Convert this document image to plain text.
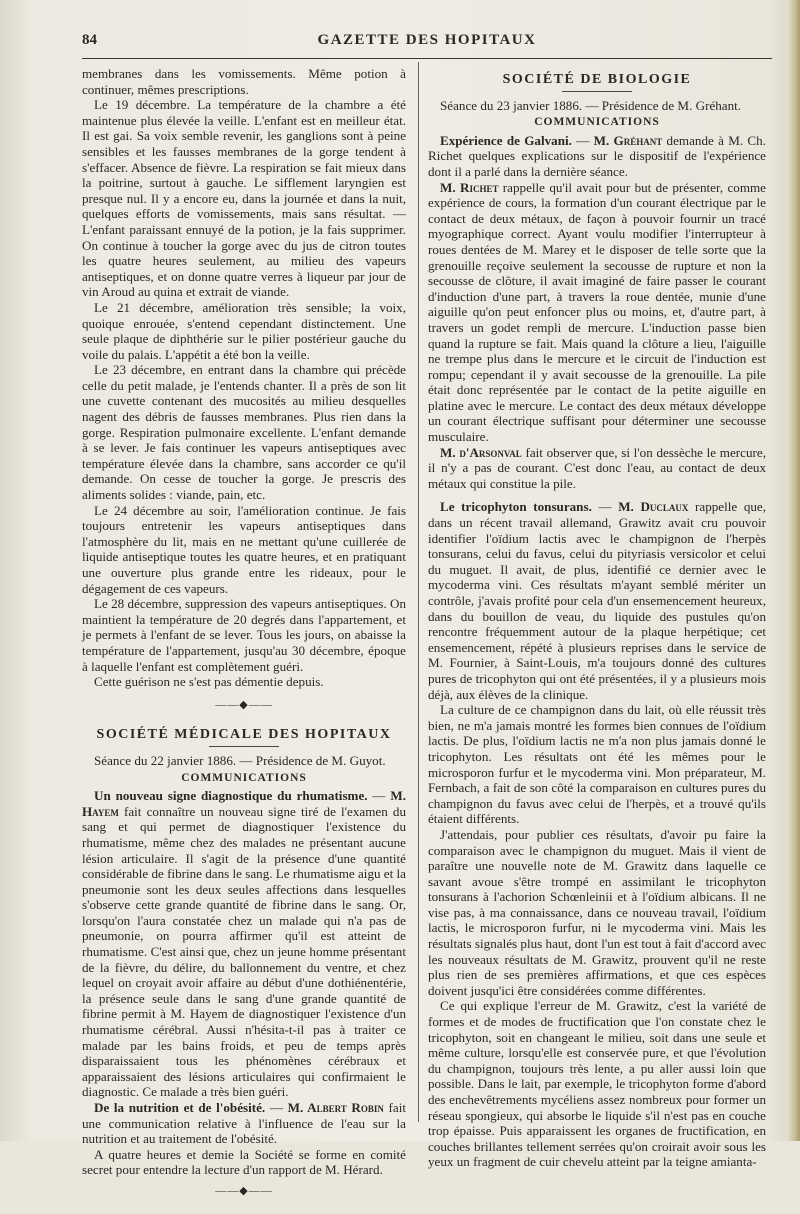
84	GAZETTE DES HOPITAUX

membranes dans les vomissements. Même potion à continuer, mêmes prescriptions.

Le 19 décembre. La température de la chambre a été maintenue plus élevée la veille. L'enfant est en meilleur état. Il est gai. Sa voix semble revenir, les ganglions sont à peine sensibles et les fausses membranes de la gorge tendent à s'effacer. Absence de fièvre. La respiration se fait mieux dans la poitrine, surtout à gauche. Le sifflement laryngien est presque nul. Il y a encore eu, dans la journée et dans la nuit, quelques efforts de vomissements, mais sans résultat. — L'enfant paraissant ennuyé de la potion, je la fais supprimer. On continue à toucher la gorge avec du jus de citron toutes les quatre heures seulement, au milieu des vapeurs antiseptiques, et on donne quatre verres à liqueur par jour de vin Aroud au quina et extrait de viande.

Le 21 décembre, amélioration très sensible; la voix, quoique enrouée, s'entend cependant distinctement. Une seule plaque de diphthérie sur le pilier postérieur gauche du voile du palais. L'appétit a été bon la veille.

Le 23 décembre, en entrant dans la chambre qui précède celle du petit malade, je l'entends chanter. Il a près de son lit une cuvette contenant des mucosités au milieu desquelles nagent des débris de fausses membranes. Plus rien dans la gorge. Respiration pulmonaire excellente. L'enfant demande à se lever. Je fais continuer les vapeurs antiseptiques avec température élevée dans la chambre, sans accorder ce qu'il demande. On cesse de toucher la gorge. Je prescris des aliments solides : viande, pain, etc.

Le 24 décembre au soir, l'amélioration continue. Je fais toujours entretenir les vapeurs antiseptiques dans l'atmosphère du lit, mais en ne mettant qu'une cuillerée de liquide antiseptique toutes les quatre heures, et en pratiquant une ouverture plus grande entre les rideaux, pour le dégagement de ces vapeurs.

Le 28 décembre, suppression des vapeurs antiseptiques. On maintient la température de 20 degrés dans l'appartement, et je permets à l'enfant de se lever. Tous les jours, on abaisse la température de l'appartement, jusqu'au 30 décembre, époque à laquelle l'enfant est complètement guéri.

Cette guérison ne s'est pas démentie depuis.

——◆——
SOCIÉTÉ MÉDICALE DES HOPITAUX

Séance du 22 janvier 1886. — Présidence de M. Guyot.

COMMUNICATIONS

Un nouveau signe diagnostique du rhumatisme. — M. Hayem fait connaître un nouveau signe tiré de l'examen du sang et qui permet de diagnostiquer l'existence du rhumatisme, même chez des malades ne présentant aucune lésion articulaire. Il s'agit de la présence d'une quantité considérable de fibrine dans le sang. Le rhumatisme aigu et la pneumonie sont les deux seules affections dans lesquelles s'observe cette grande quantité de fibrine dans le sang. Or, lorsqu'on l'aura constatée chez un malade qui n'a pas de pneumonie, on pourra affirmer qu'il est atteint de rhumatisme. C'est ainsi que, chez un jeune homme présentant de la fièvre, du délire, du ballonnement du ventre, et chez lequel on croyait avoir affaire au début d'une dothiénentérie, la présence seule dans le sang d'une grande quantité de fibrine permit à M. Hayem de diagnostiquer l'existence d'un rhumatisme cérébral. Aussi n'hésita-t-il pas à traiter ce malade par les bains froids, et peu de temps après disparaissaient tous les phénomènes cérébraux et apparaissaient des lésions articulaires qui confirmaient le diagnostic. Ce malade a très bien guéri.

De la nutrition et de l'obésité. — M. Albert Robin fait une communication relative à l'influence de l'eau sur la nutrition et au traitement de l'obésité.

A quatre heures et demie la Société se forme en comité secret pour entendre la lecture d'un rapport de M. Hérard.

——◆——
SOCIÉTÉ DE BIOLOGIE

Séance du 23 janvier 1886. — Présidence de M. Gréhant.

COMMUNICATIONS

Expérience de Galvani. — M. Gréhant demande à M. Ch. Richet quelques explications sur le dispositif de l'expérience dont il a parlé dans la dernière séance.

M. Richet rappelle qu'il avait pour but de présenter, comme expérience de cours, la formation d'un courant électrique par le contact de deux métaux, de façon à pouvoir fournir un tracé myographique correct. Ayant voulu modifier l'interrupteur à roues dentées de M. Marey et le disposer de telle sorte que la grenouille reçoive seulement la secousse de rupture et non la secousse de clôture, il avait imaginé de faire passer le courant d'induction d'une part, à travers la roue dentée, munie d'une aiguille qu'on peut enfoncer plus ou moins, et, d'autre part, à travers un godet rempli de mercure. L'induction passe bien quand la rupture se fait. Mais quand la clôture a lieu, l'aiguille ne trempe plus dans le mercure et le circuit de l'induction est rompu; cependant il y avait secousse de la grenouille. La pile était donc représentée par le contact de la petite aiguille en platine avec le mercure. Le contact des deux métaux développe un courant électrique suffisant pour déterminer une secousse musculaire.

M. d'Arsonval fait observer que, si l'on dessèche le mercure, il n'y a pas de courant. C'est donc l'eau, au contact de deux métaux qui constitue la pile.

Le tricophyton tonsurans. — M. Duclaux rappelle que, dans un récent travail allemand, Grawitz avait cru pouvoir identifier l'oïdium lactis avec le champignon de l'herpès tonsurans, celui du favus, celui du pityriasis versicolor et celui du muguet. Il avait, de plus, identifié ce dernier avec le mycoderma vini. Ces résultats m'ayant semblé mériter un contrôle, j'avais profité pour cela d'un ensemencement heureux, dans du bouillon de veau, du liquide des pustules qu'on rencontre fréquemment autour de la plaque herpétique; cet ensemencement, répété à plusieurs reprises dans le service de M. Fournier, à Saint-Louis, m'a toujours donné des cultures pures de tricophyton qui ont été présentées, il y a plusieurs mois déjà, aux élèves de la clinique.

La culture de ce champignon dans du lait, où elle réussit très bien, ne m'a jamais montré les formes bien connues de l'oïdium lactis. De plus, l'oïdium lactis ne m'a non plus jamais donné le tricophyton. Les résultats ont été les mêmes pour le microsporon furfur et le mycoderma vini. Mon préparateur, M. Fernbach, a fait de son côté la comparaison en cultures pures du champignon du favus avec celui de l'herpès, et a trouvé qu'ils étaient différents.

J'attendais, pour publier ces résultats, d'avoir pu faire la comparaison avec le champignon du muguet. Mais il vient de paraître une nouvelle note de M. Grawitz dans laquelle ce savant avoue s'être trompé en assimilant le tricophyton tonsurans à l'achorion Schœnleinii et à l'oïdium albicans. Il ne vise pas, à ma connaissance, dans ce nouveau travail, l'oïdium lactis, le microsporon furfur, ni le mycoderma vini. Mais les résultats signalés plus haut, dont l'un est tout à fait d'accord avec les nouveaux résultats de M. Grawitz, prouvent qu'il ne reste plus rien de ses premières affirmations, et que ces espèces doivent jusqu'ici être considérées comme différentes.

Ce qui explique l'erreur de M. Grawitz, c'est la variété de formes et de modes de fructification que l'on constate chez le tricophyton, soit en changeant le milieu, soit dans une seule et même culture, lorsqu'elle est conservée pure, et que l'évolution du champignon, toujours très lente, a pu aller aussi loin que possible. Dans le lait, par exemple, le tricophyton forme d'abord des enchevêtrements mycéliens assez nombreux pour former un réseau spongieux, qui absorbe le liquide s'il n'est pas en couche trop épaisse. Puis apparaissent les organes de fructification, en couches brillantes tellement serrées qu'on croirait avoir sous les yeux un fragment de cuir chevelu atteint par la teigne amianta-
